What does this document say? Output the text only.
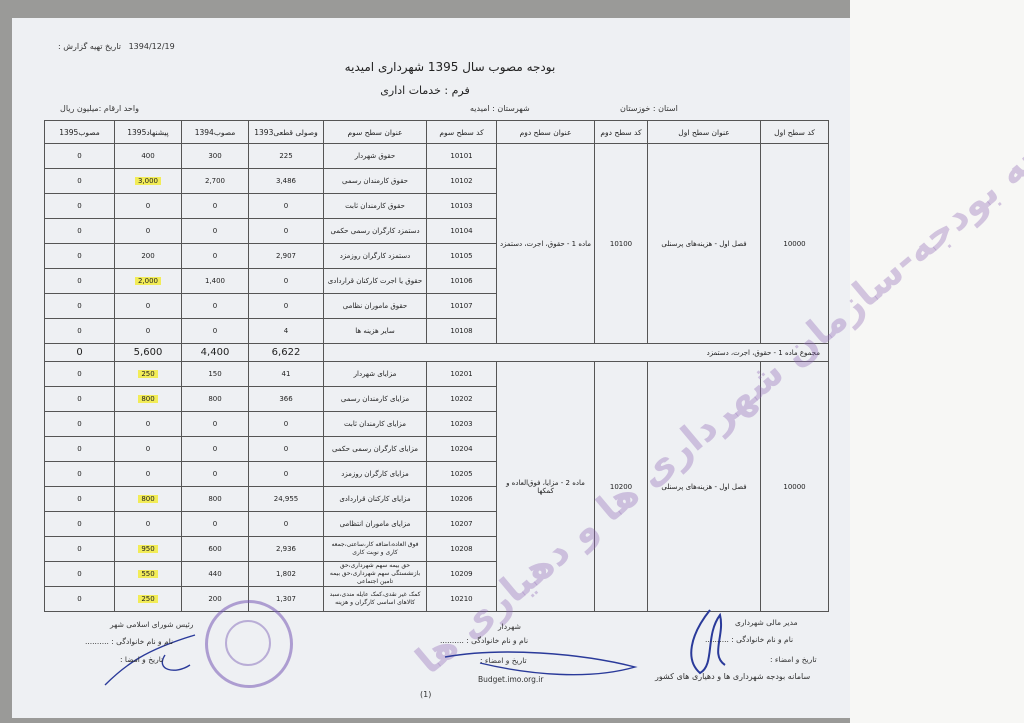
1394/12/19   تاریخ تهیه گزارش :
بودجه مصوب سال 1395 شهرداری امیدیه
فرم : خدمات اداری
استان : خوزستان
شهرستان : امیدیه
واحد ارقام :میلیون ریال
کد سطح اول	عنوان سطح اول	کد سطح دوم	عنوان سطح دوم	کد سطح سوم	عنوان سطح سوم	وصولی قطعی1393	مصوب1394	پیشنهاد1395	مصوب1395
10000	فصل اول - هزینه‌های پرسنلی	10100	ماده 1 - حقوق، اجرت، دستمزد	10101	حقوق شهردار	225	300	400	0
				10102	حقوق کارمندان رسمی	3,486	2,700	3,000	0
				10103	حقوق کارمندان ثابت	0	0	0	0
				10104	دستمزد کارگران رسمی حکمی	0	0	0	0
				10105	دستمزد کارگران روزمزد	2,907	0	200	0
				10106	حقوق یا اجرت کارکنان قراردادی	0	1,400	2,000	0
				10107	حقوق ماموران نظامی	0	0	0	0
				10108	سایر هزینه ها	4	0	0	0
مجموع ماده 1 - حقوق، اجرت، دستمزد						6,622	4,400	5,600	0
10000	فصل اول - هزینه‌های پرسنلی	10200	ماده 2 - مزایا، فوق‌العاده و کمکها	10201	مزایای شهردار	41	150	250	0
				10202	مزایای کارمندان رسمی	366	800	800	0
				10203	مزایای کارمندان ثابت	0	0	0	0
				10204	مزایای کارگران رسمی حکمی	0	0	0	0
				10205	مزایای کارگران روزمزد	0	0	0	0
				10206	مزایای کارکنان قراردادی	24,955	800	800	0
				10207	مزایای ماموران انتظامی	0	0	0	0
				10208	فوق العاده،اضافه کار،ساعتی،جمعه کاری و نوبت کاری	2,936	600	950	0
				10209	حق بیمه سهم شهرداری،حق بازنشستگی سهم شهرداری،حق بیمه تامین اجتماعی	1,802	440	550	0
				10210	کمک غیر نقدی،کمک عایله مندی،سبد کالاهای اساسی کارگران و هزینه	1,307	200	250	0
بودجه-سازمان شهرداری ها و دهیاری ها
مدیر مالی شهرداری
نام و نام خانوادگی : ..........
تاریخ و امضاء :
سامانه بودجه شهرداری ها و دهیاری های کشور
شهردار
نام و نام خانوادگی : ..........
تاریخ و امضاء :
Budget.imo.org.ir
رئیس شورای اسلامی شهر
نام و نام خانوادگی : ..........
تاریخ و امضا :
(1)
